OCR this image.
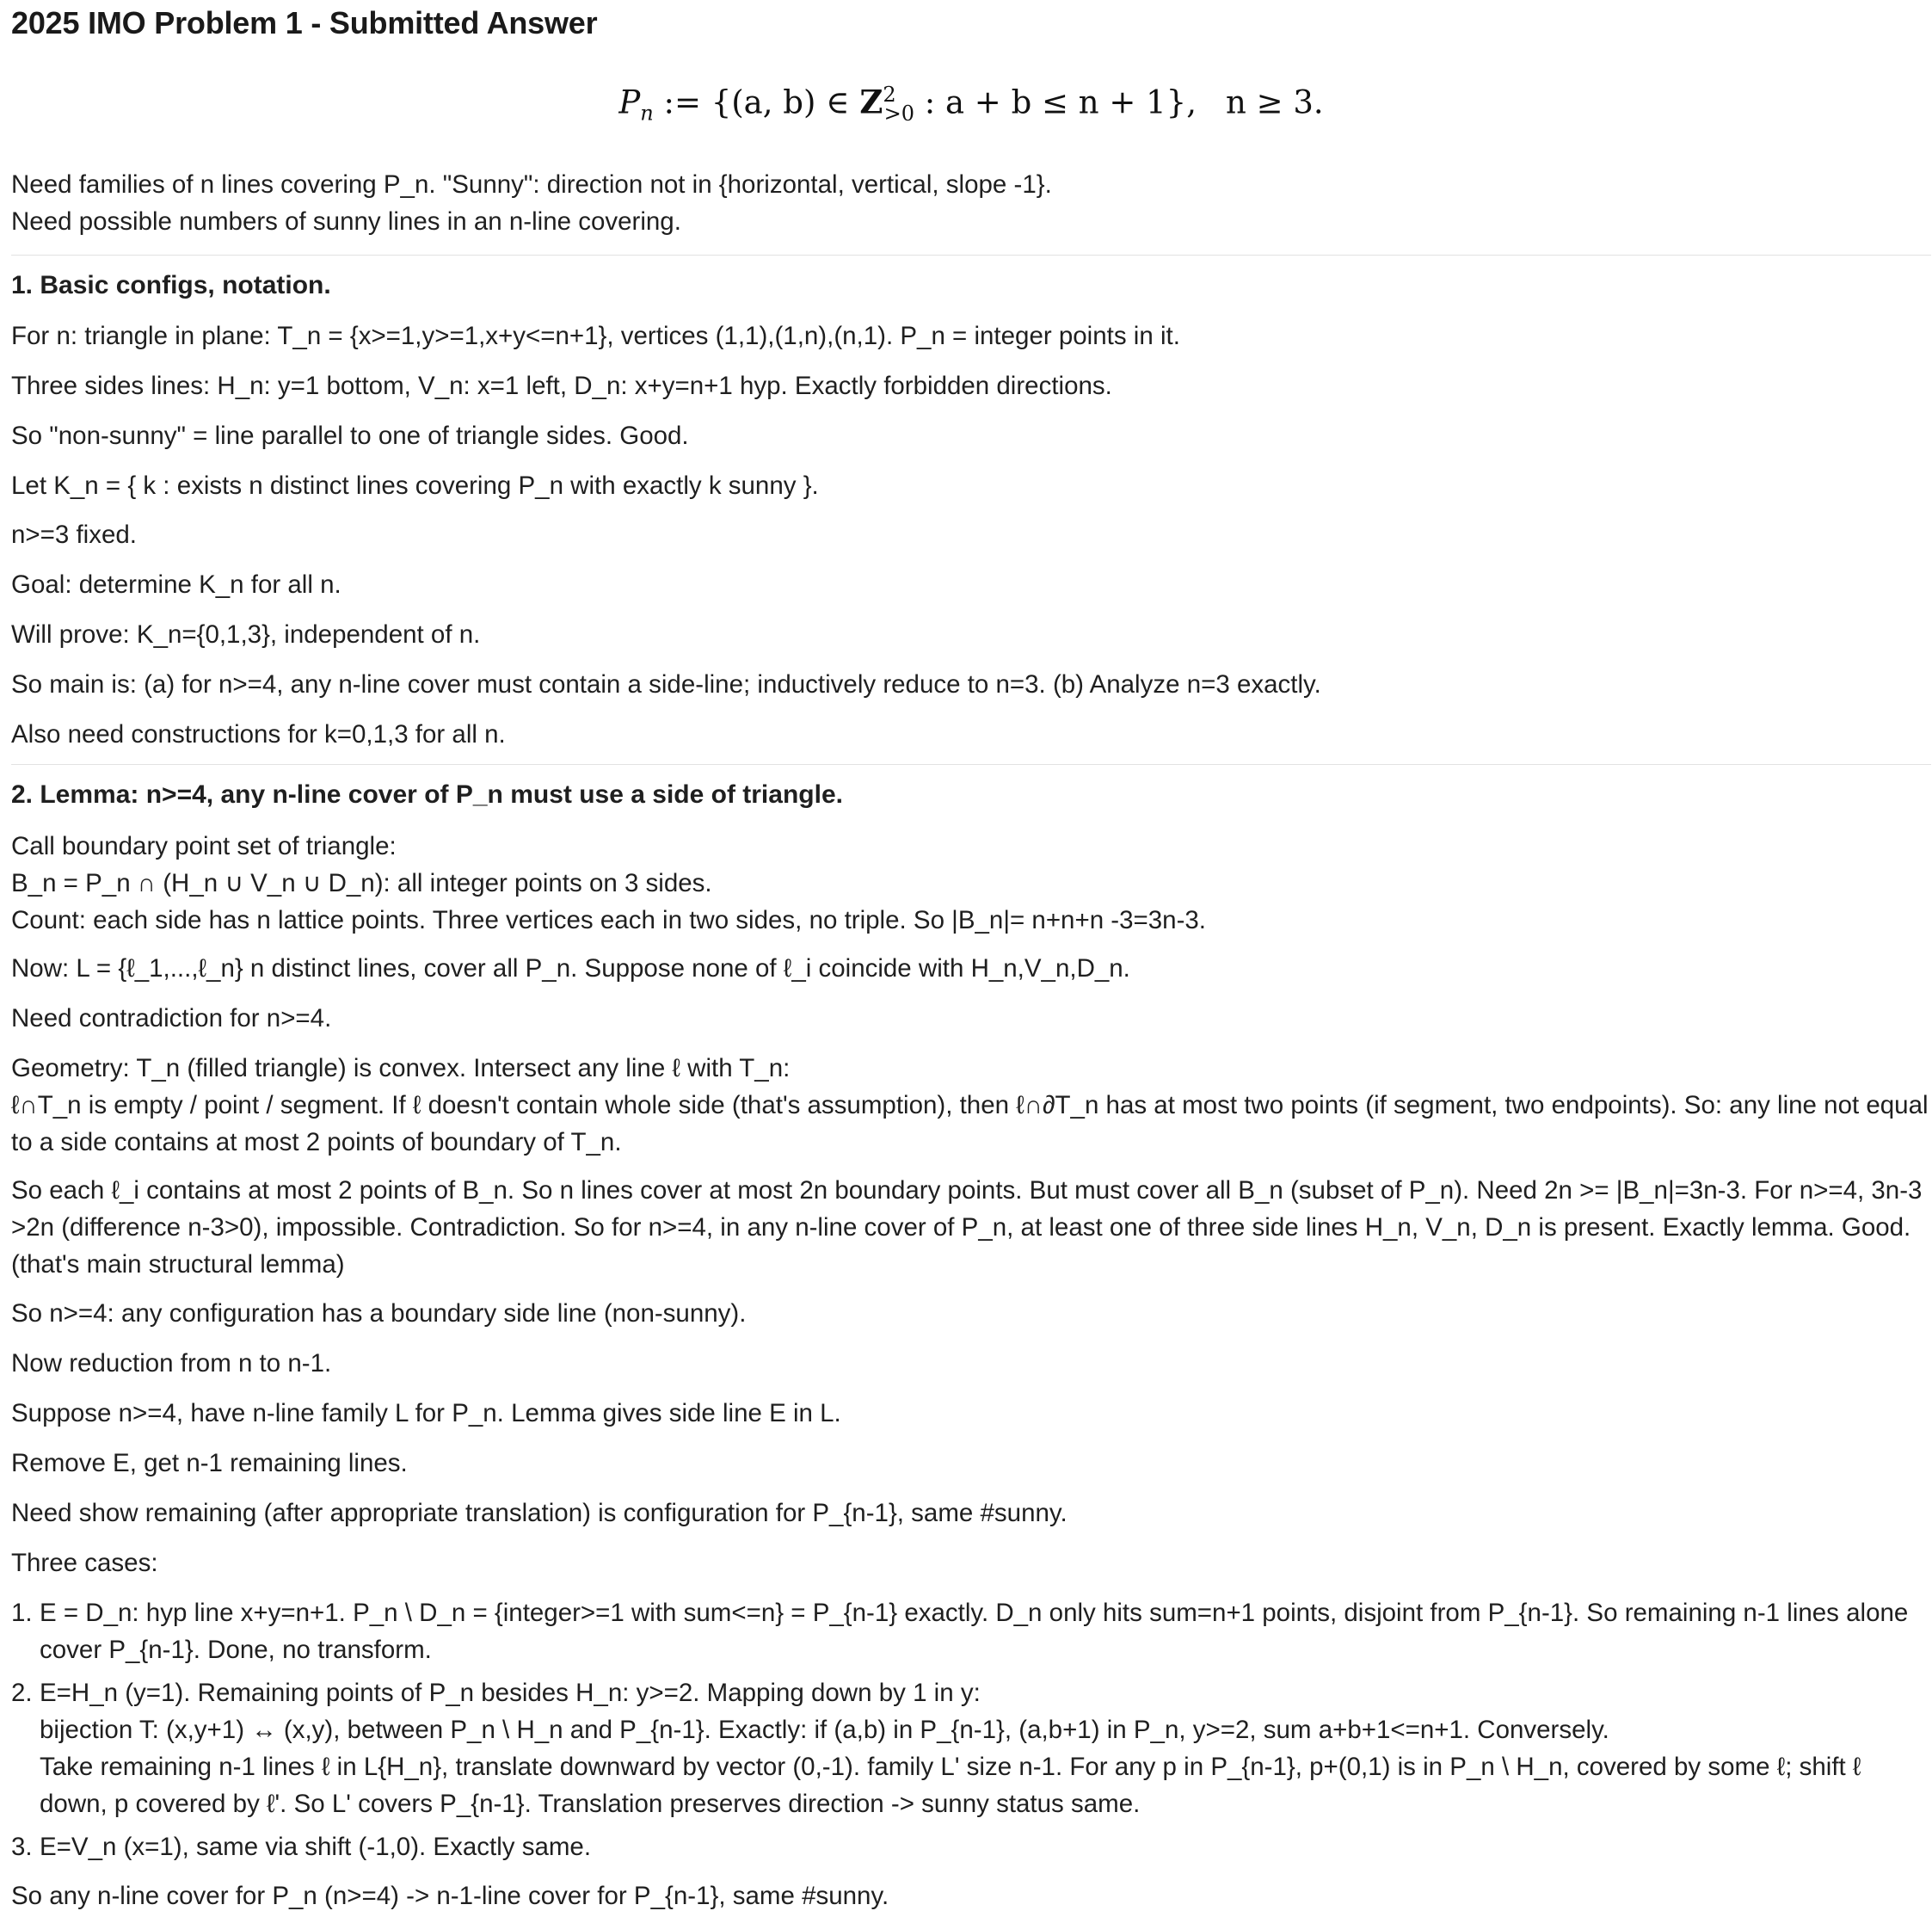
2025 IMO Problem 1 - Submitted Answer
$P_n$ := {(a, b) ∈ $Z^2_{>0}$ : a + b ≤ n + 1}, n ≥ 3.
Need families of n lines covering P_n. "Sunny": direction not in {horizontal, vertical, slope -1}.
Need possible numbers of sunny lines in an n-line covering.
1. Basic configs, notation.
For n: triangle in plane: T_n = {x>=1,y>=1,x+y<=n+1}, vertices (1,1),(1,n),(n,1). P_n = integer points in it.
Three sides lines: H_n: y=1 bottom, V_n: x=1 left, D_n: x+y=n+1 hyp. Exactly forbidden directions.
So "non-sunny" = line parallel to one of triangle sides. Good.
Let K_n = { k : exists n distinct lines covering P_n with exactly k sunny }.
n>=3 fixed.
Goal: determine K_n for all n.
Will prove: K_n={0,1,3}, independent of n.
So main is: (a) for n>=4, any n-line cover must contain a side-line; inductively reduce to n=3. (b) Analyze n=3 exactly.
Also need constructions for k=0,1,3 for all n.
2. Lemma: n>=4, any n-line cover of P_n must use a side of triangle.
Call boundary point set of triangle:
B_n = P_n ∩ (H_n ∪ V_n ∪ D_n): all integer points on 3 sides.
Count: each side has n lattice points. Three vertices each in two sides, no triple. So |B_n|= n+n+n -3=3n-3.
Now: L = {ℓ_1,...,ℓ_n} n distinct lines, cover all P_n. Suppose none of ℓ_i coincide with H_n,V_n,D_n.
Need contradiction for n>=4.
Geometry: T_n (filled triangle) is convex. Intersect any line ℓ with T_n:
ℓ∩T_n is empty / point / segment. If ℓ doesn't contain whole side (that's assumption), then ℓ∩∂T_n has at most two points (if segment, two endpoints). So: any line not equal to a side contains at most 2 points of boundary of T_n.
So each ℓ_i contains at most 2 points of B_n. So n lines cover at most 2n boundary points. But must cover all B_n (subset of P_n). Need 2n >= |B_n|=3n-3. For n>=4, 3n-3 >2n (difference n-3>0), impossible. Contradiction. So for n>=4, in any n-line cover of P_n, at least one of three side lines H_n, V_n, D_n is present. Exactly lemma. Good. (that's main structural lemma)
So n>=4: any configuration has a boundary side line (non-sunny).
Now reduction from n to n-1.
Suppose n>=4, have n-line family L for P_n. Lemma gives side line E in L.
Remove E, get n-1 remaining lines.
Need show remaining (after appropriate translation) is configuration for P_{n-1}, same #sunny.
Three cases:
1. E = D_n: hyp line x+y=n+1. P_n \ D_n = {integer>=1 with sum<=n} = P_{n-1} exactly. D_n only hits sum=n+1 points, disjoint from P_{n-1}. So remaining n-1 lines alone cover P_{n-1}. Done, no transform.
2. E=H_n (y=1). Remaining points of P_n besides H_n: y>=2. Mapping down by 1 in y:
bijection T: (x,y+1) ↔ (x,y), between P_n \ H_n and P_{n-1}. Exactly: if (a,b) in P_{n-1}, (a,b+1) in P_n, y>=2, sum a+b+1<=n+1. Conversely.
Take remaining n-1 lines ℓ in L{H_n}, translate downward by vector (0,-1). family L' size n-1. For any p in P_{n-1}, p+(0,1) is in P_n \ H_n, covered by some ℓ; shift ℓ down, p covered by ℓ'. So L' covers P_{n-1}. Translation preserves direction -> sunny status same.
3. E=V_n (x=1), same via shift (-1,0). Exactly same.
So any n-line cover for P_n (n>=4) -> n-1-line cover for P_{n-1}, same #sunny.
